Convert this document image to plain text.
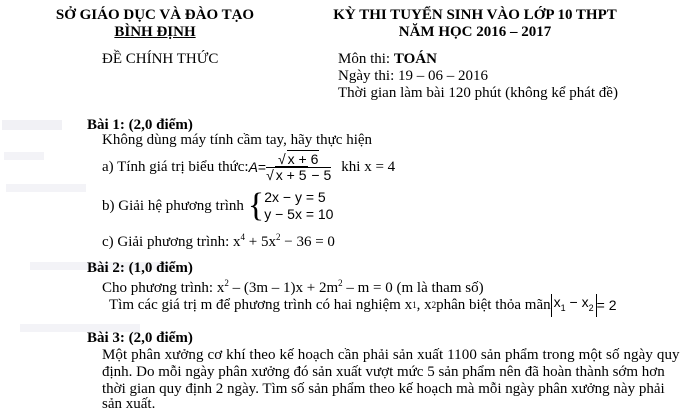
SỞ GIÁO DỤC VÀ ĐÀO TẠO
BÌNH ĐỊNH
KỲ THI TUYỂN SINH VÀO LỚP 10 THPT
NĂM HỌC 2016 – 2017
ĐỀ CHÍNH THỨC	Môn thi: TOÁN
Ngày thi: 19 – 06 – 2016
Thời gian làm bài 120 phút (không kể phát đề)
Bài 1: (2,0 điểm)
Không dùng máy tính cầm tay, hãy thực hiện
a) Tính giá trị biểu thức: $A = \frac{√ x + 6}{√ x + 5 - 5}$ khi x = 4
b) Giải hệ phương trình { 2x − y = 5
y − 5x = 10
c) Giải phương trình: $x^4 + 5x^2 - 36 = 0$
Bài 2: (1,0 điểm)
Cho phương trình: $x^2 - (3m - 1)x + 2m^2 - m = 0$ (m là tham số)
Tìm các giá trị m để phương trình có hai nghiệm x 1 , x 2 phân biệt thỏa mãn $x_1 - x_2 = 2$
Bài 3: (2,0 điểm)
Một phân xưởng cơ khí theo kế hoạch cần phải sản xuất 1100 sản phẩm trong một số ngày quy
định. Do mỗi ngày phân xưởng đó sản xuất vượt mức 5 sản phẩm nên đã hoàn thành sớm hơn
thời gian quy định 2 ngày. Tìm số sản phẩm theo kế hoạch mà mỗi ngày phân xưởng này phải
sản xuất.
